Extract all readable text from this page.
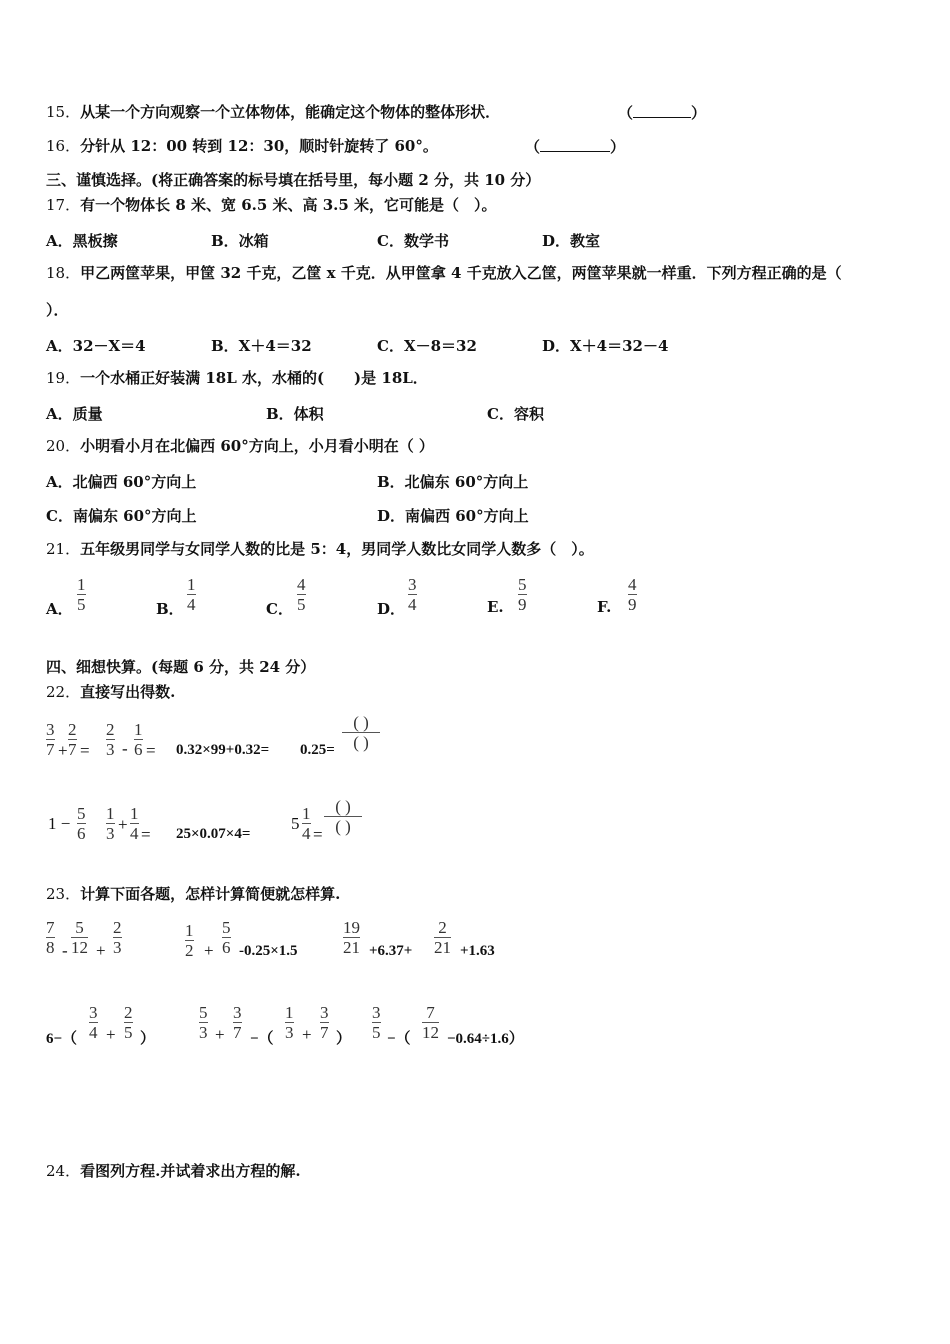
15．从某一个方向观察一个立体物体，能确定这个物体的整体形状．	（	）
16．分针从 12：00 转到 12：30，顺时针旋转了 60°。	（	）
三、谨慎选择。(将正确答案的标号填在括号里，每小题 2 分，共 10 分）
17．有一个物体长 8 米、宽 6.5 米、高 3.5 米，它可能是（　）。
A．黑板擦	B．冰箱	C．数学书	D．教室
18．甲乙两筐苹果，甲筐 32 千克，乙筐 x 千克．从甲筐拿 4 千克放入乙筐，两筐苹果就一样重．下列方程正确的是（
）．
A．32－X＝4	B．X＋4＝32	C．X－8＝32	D．X＋4＝32－4
19．一个水桶正好装满 18L 水，水桶的(　　)是 18L．
A．质量	B．体积	C．容积
20．小明看小月在北偏西 60°方向上，小月看小明在（ ）
A．北偏西 60°方向上	B．北偏东 60°方向上
C．南偏东 60°方向上	D．南偏西 60°方向上
21．五年级男同学与女同学人数的比是 5：4，男同学人数比女同学人数多（　）。
A． $\frac{1}{5}$	B． $\frac{1}{4}$	C． $\frac{4}{5}$	D． $\frac{3}{4}$	E. $\frac{5}{9}$	F. $\frac{4}{9}$
四、细想快算。(每题 6 分，共 24 分）
22．直接写出得数.
$\frac{3}{7} + \frac{2}{7} = \frac{2}{3} - \frac{1}{6} = 0.32\times 99+0.32= 0.25=$
( )
( )
$1 - \frac{5}{6} \frac{1}{3} + \frac{1}{4} = 25\times 0.07\times 4=$
$5 \frac{1}{4}$ =
( )
( )
23．计算下面各题，怎样计算简便就怎样算.
$\frac{7}{8} - \frac{5}{12} + \frac{2}{3}$	$\frac{1}{2} + \frac{5}{6} -0.25\times 1.5$	$\frac{19}{21} +6.37+ \frac{2}{21} +1.63$
$6-( \frac{3}{4} + \frac{2}{5}$ ）	$\frac{5}{3} + \frac{3}{7}$ −（ $\frac{1}{3} + \frac{3}{7}$ ） $\frac{3}{5}$ −（ $\frac{7}{12} -0.64\div 1.6$）
24．看图列方程.并试着求出方程的解.
